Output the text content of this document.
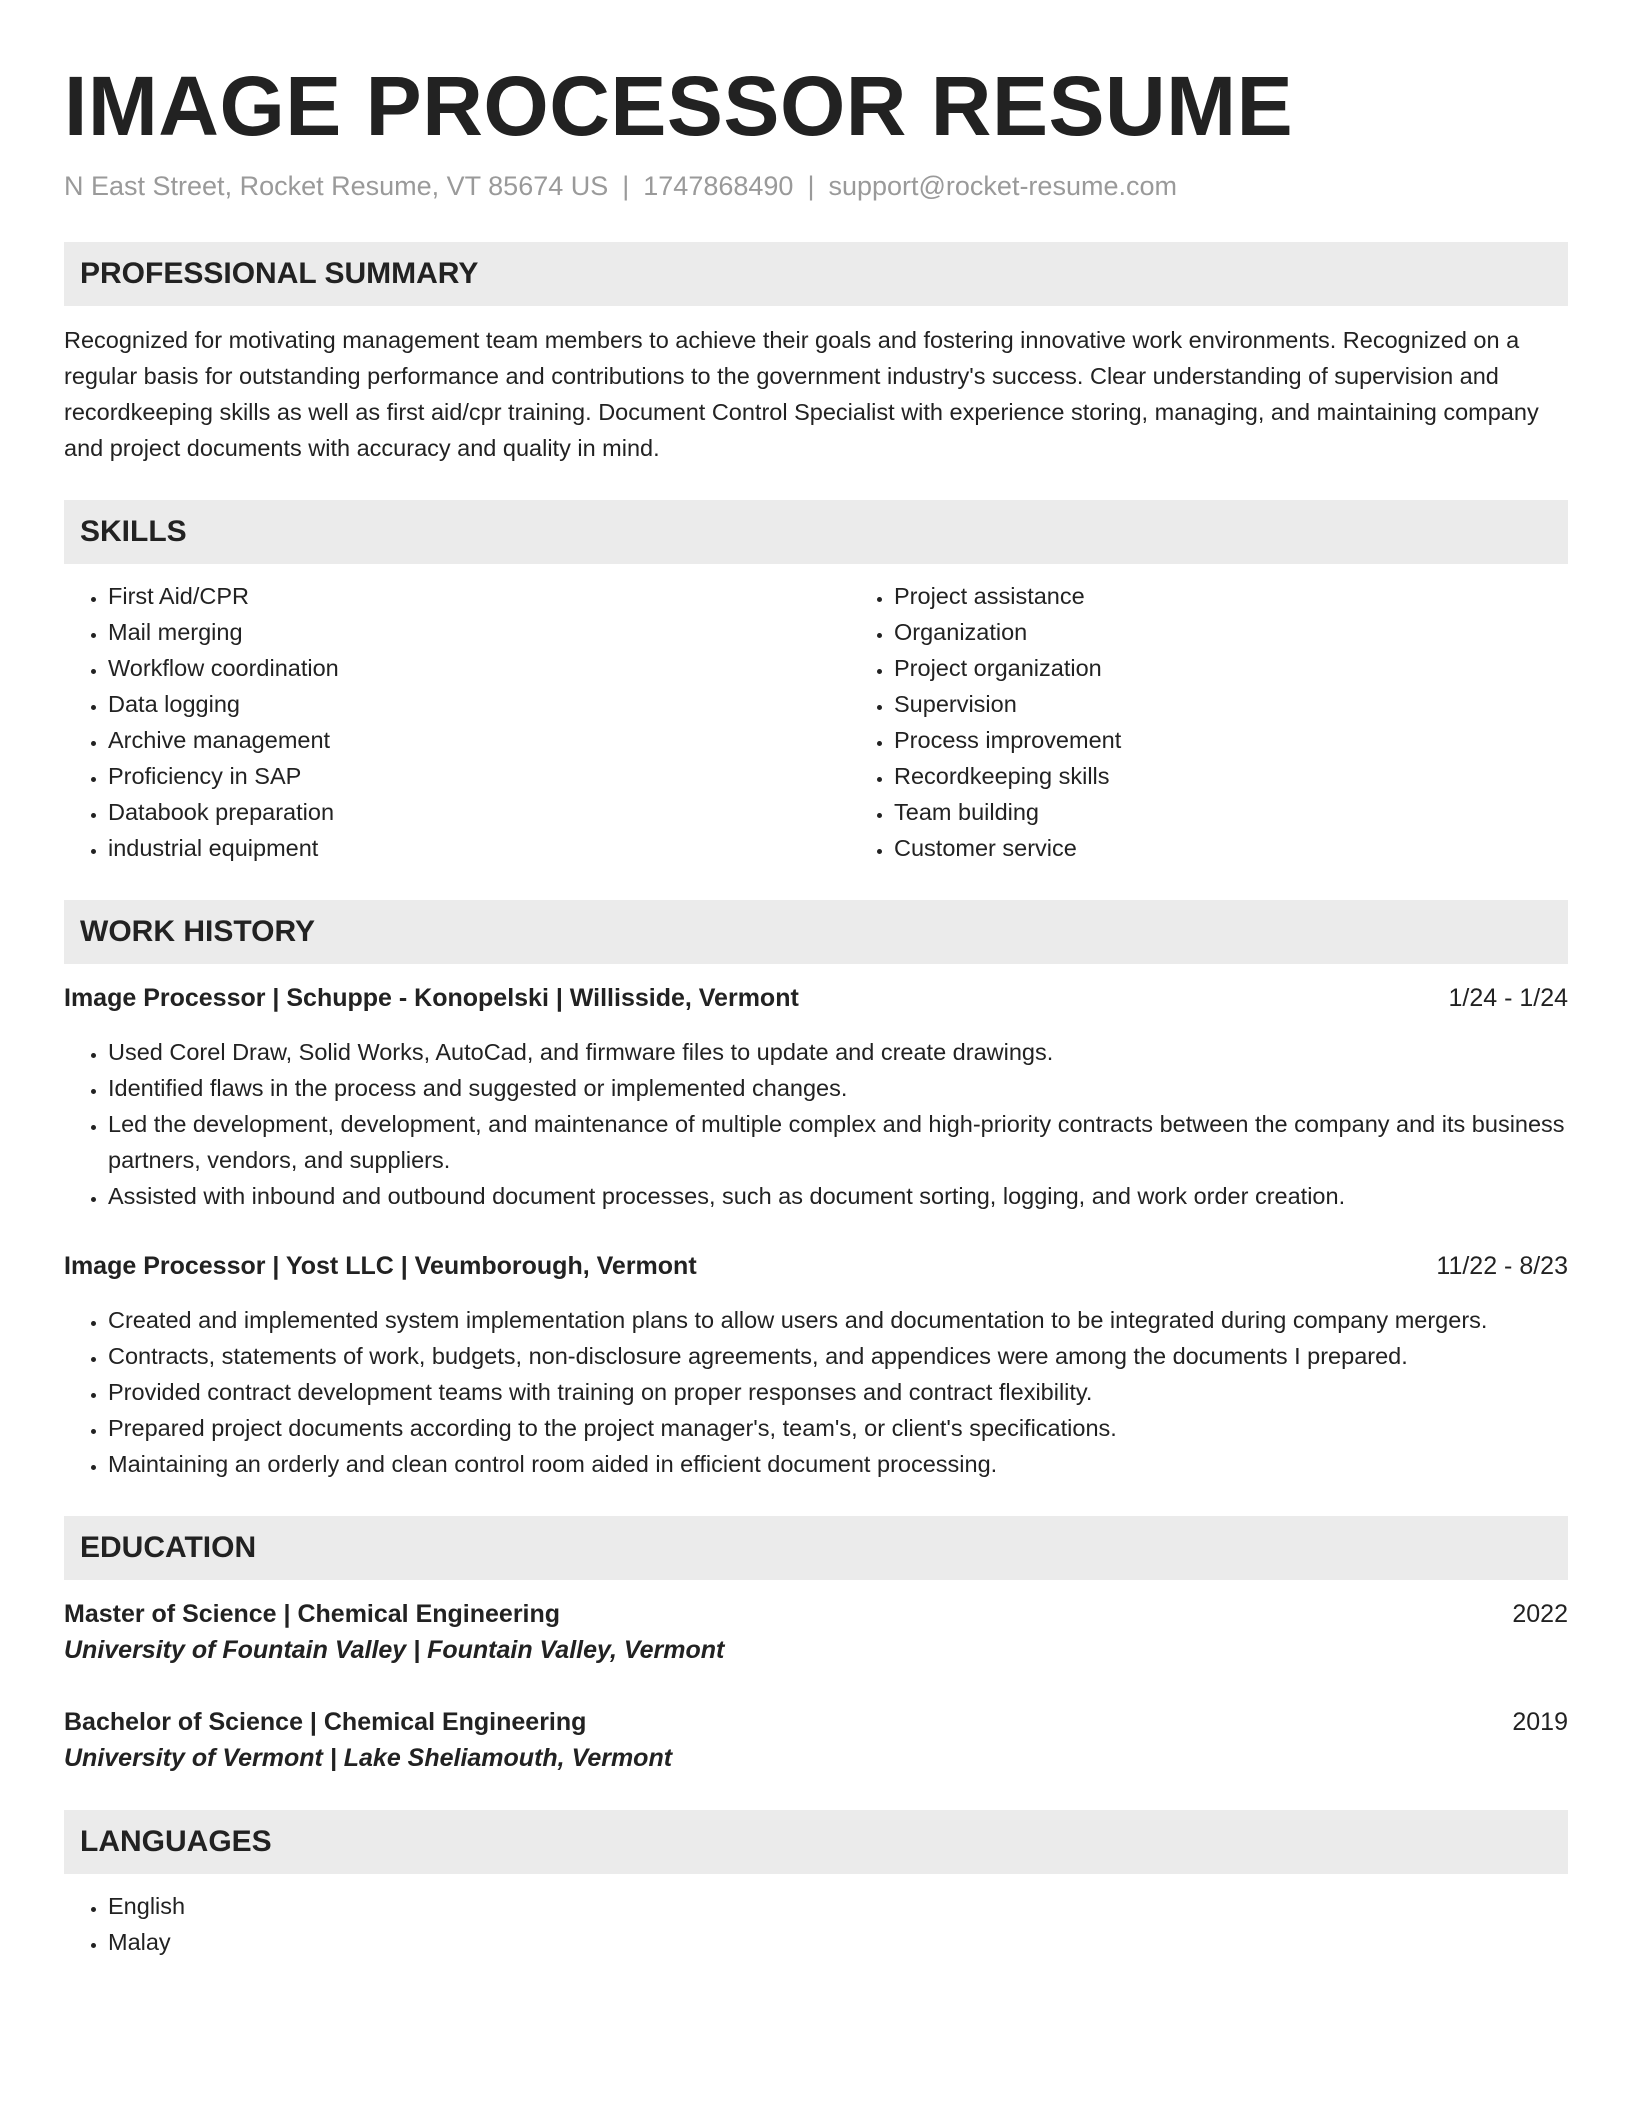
IMAGE PROCESSOR RESUME
N East Street, Rocket Resume, VT 85674 US | 1747868490 | support@rocket-resume.com
PROFESSIONAL SUMMARY

Recognized for motivating management team members to achieve their goals and fostering innovative work environments. Recognized on a regular basis for outstanding performance and contributions to the government industry's success. Clear understanding of supervision and recordkeeping skills as well as first aid/cpr training. Document Control Specialist with experience storing, managing, and maintaining company and project documents with accuracy and quality in mind.

SKILLS
• First Aid/CPR
• Mail merging
• Workflow coordination
• Data logging
• Archive management
• Proficiency in SAP
• Databook preparation
• industrial equipment
• Project assistance
• Organization
• Project organization
• Supervision
• Process improvement
• Recordkeeping skills
• Team building
• Customer service
WORK HISTORY
Image Processor | Schuppe - Konopelski | Willisside, Vermont	1/24 - 1/24
• Used Corel Draw, Solid Works, AutoCad, and firmware files to update and create drawings.
• Identified flaws in the process and suggested or implemented changes.
• Led the development, development, and maintenance of multiple complex and high-priority contracts between the company and its business partners, vendors, and suppliers.
• Assisted with inbound and outbound document processes, such as document sorting, logging, and work order creation.
Image Processor | Yost LLC | Veumborough, Vermont	11/22 - 8/23
• Created and implemented system implementation plans to allow users and documentation to be integrated during company mergers.
• Contracts, statements of work, budgets, non-disclosure agreements, and appendices were among the documents I prepared.
• Provided contract development teams with training on proper responses and contract flexibility.
• Prepared project documents according to the project manager's, team's, or client's specifications.
• Maintaining an orderly and clean control room aided in efficient document processing.
EDUCATION
Master of Science | Chemical Engineering	2022
University of Fountain Valley | Fountain Valley, Vermont
Bachelor of Science | Chemical Engineering	2019
University of Vermont | Lake Sheliamouth, Vermont
LANGUAGES
• English
• Malay
